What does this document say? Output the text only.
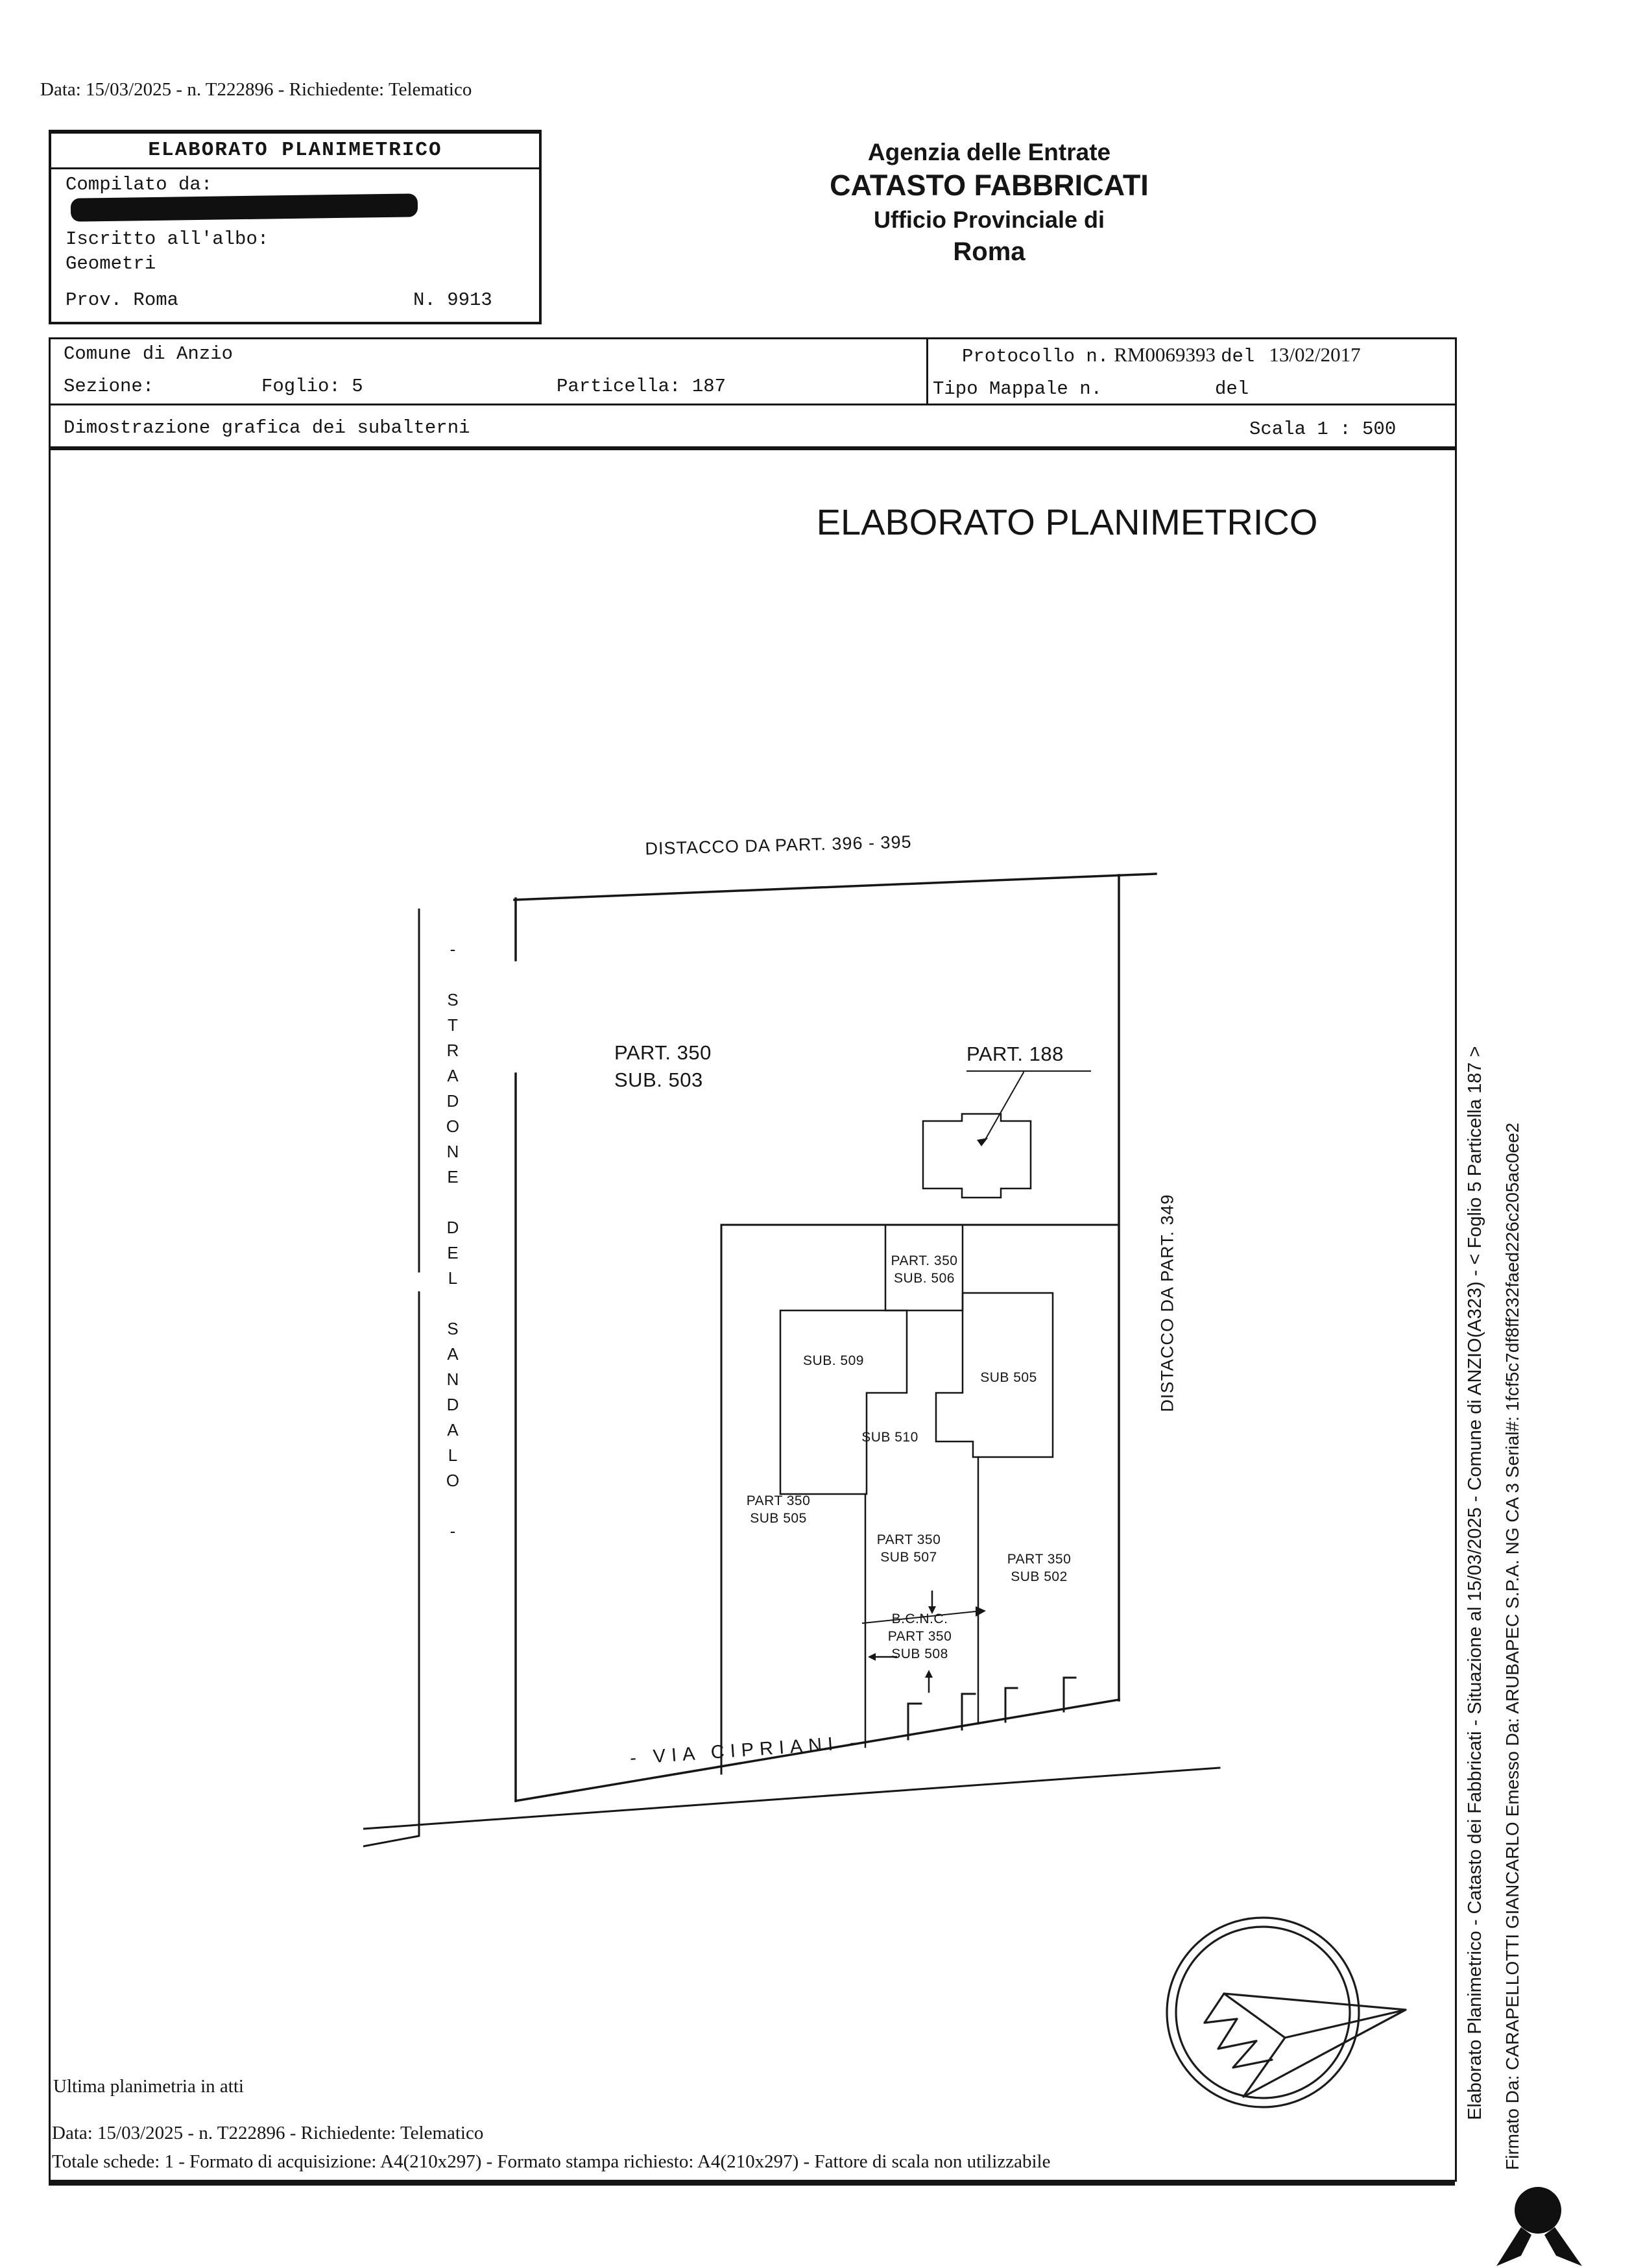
Data: 15/03/2025 - n. T222896 - Richiedente: Telematico
ELABORATO PLANIMETRICO
Compilato da:
Iscritto all'albo:
Geometri
Prov. Roma	N. 9913
Agenzia delle Entrate
CATASTO FABBRICATI
Ufficio Provinciale di
Roma
Comune di Anzio
Sezione:	Foglio: 5	Particella: 187
Protocollo n. RM0069393 del 13/02/2017
Tipo Mappale n.	del
Dimostrazione grafica dei subalterni	Scala 1 : 500
ELABORATO PLANIMETRICO
DISTACCO DA PART. 396 - 395
- STRADONE DEL SANDALO -	DISTACCO DA PART. 349
PART. 350
SUB. 503
PART. 188
PART. 350
SUB. 506
SUB. 509
SUB 505
SUB 510
PART 350
SUB 505
PART 350
SUB 507	PART 350
SUB 502
B.C.N.C.
PART 350
SUB 508
- VIA CIPRIANI -	Elaborato Planimetrico - Catasto dei Fabbricati - Situazione al 15/03/2025 - Comune di ANZIO(A323) - < Foglio 5 Particella 187 > Firmato Da: CARAPELLOTTI GIANCARLO Emesso Da: ARUBAPEC S.P.A. NG CA 3 Serial#: 1fcf5c7df8ff232faed226c205ac0ee2
Ultima planimetria in atti
Data: 15/03/2025 - n. T222896 - Richiedente: Telematico
Totale schede: 1 - Formato di acquisizione: A4(210x297) - Formato stampa richiesto: A4(210x297) - Fattore di scala non utilizzabile
